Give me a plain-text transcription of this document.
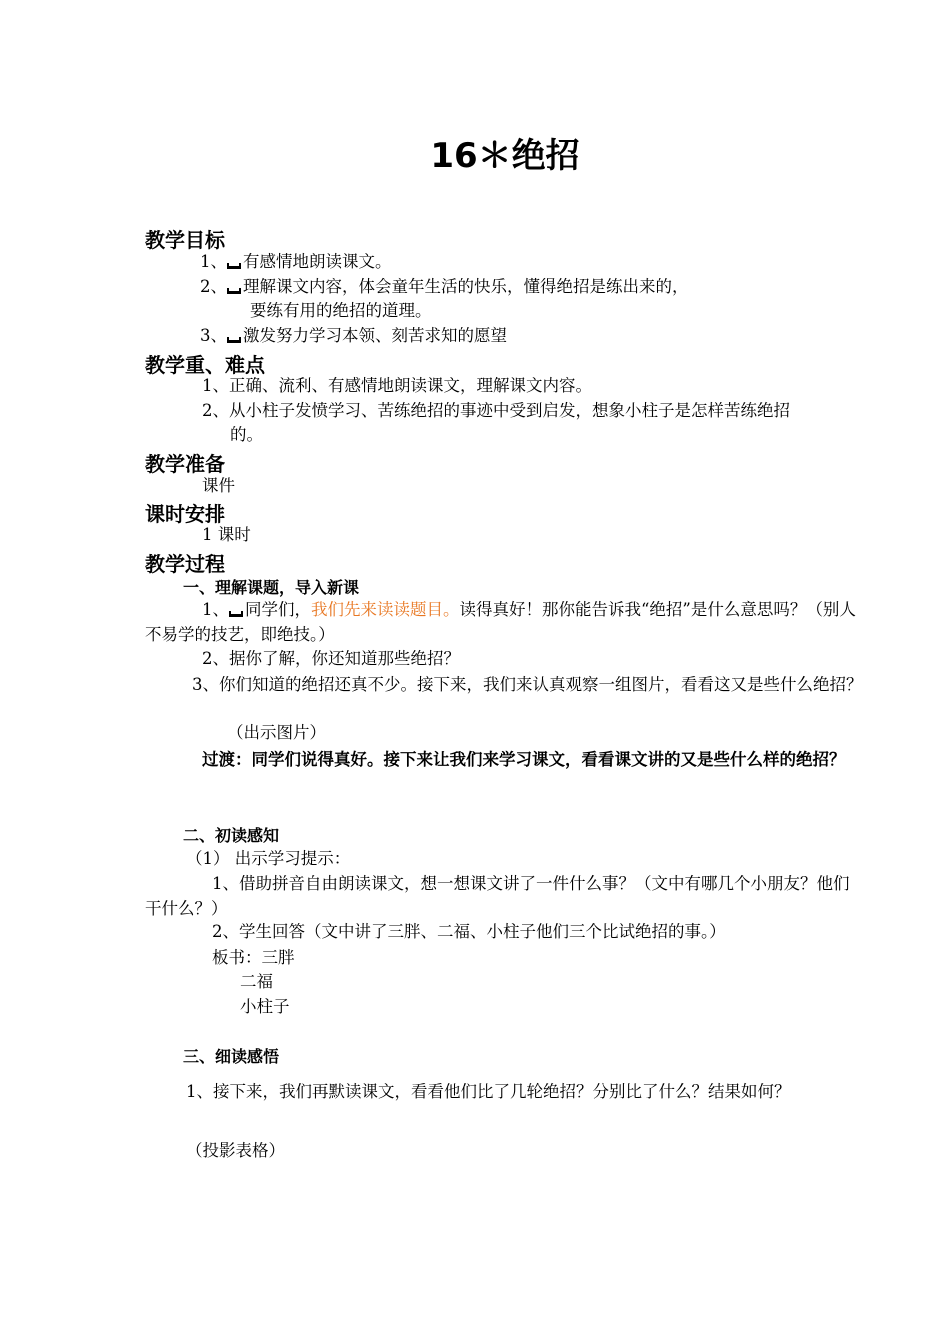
16＊绝招
教学目标
1、 有感情地朗读课文。
2、 理解课文内容，体会童年生活的快乐，懂得绝招是练出来的，
要练有用的绝招的道理。
3、 激发努力学习本领、刻苦求知的愿望
教学重、难点
1、正确、流利、有感情地朗读课文，理解课文内容。
2、从小柱子发愤学习、苦练绝招的事迹中受到启发，想象小柱子是怎样苦练绝招
的。
教学准备
课件
课时安排
1 课时
教学过程
一、理解课题，导入新课
1、 同学们，我们先来读读题目。读得真好！那你能告诉我“绝招”是什么意思吗？（别人不易学的技艺，即绝技。）
2、据你了解，你还知道那些绝招？
3、你们知道的绝招还真不少。接下来，我们来认真观察一组图片，看看这又是些什么绝招？
（出示图片）
过渡：同学们说得真好。接下来让我们来学习课文，看看课文讲的又是些什么样的绝招？
二、初读感知
（1） 出示学习提示：
1、借助拼音自由朗读课文，想一想课文讲了一件什么事？（文中有哪几个小朋友？他们干什么？）
2、学生回答（文中讲了三胖、二福、小柱子他们三个比试绝招的事。）
板书：三胖
二福
小柱子
三、细读感悟
1、接下来，我们再默读课文，看看他们比了几轮绝招？分别比了什么？结果如何？
（投影表格）
